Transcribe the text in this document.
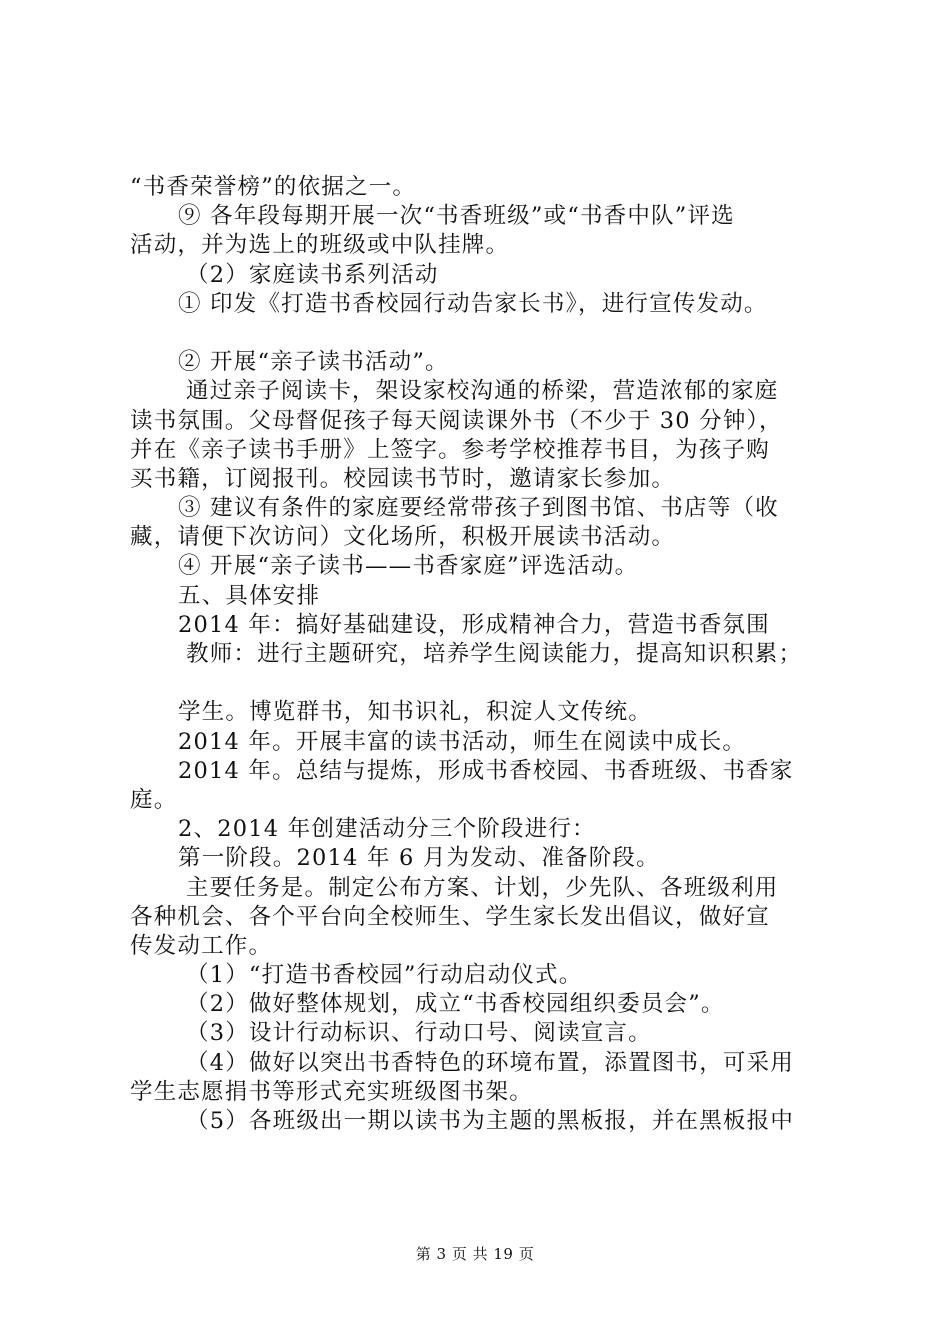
“书香荣誉榜”的依据之一。
⑨ 各年段每期开展一次“书香班级”或“书香中队”评选
活动，并为选上的班级或中队挂牌。
（2）家庭读书系列活动
① 印发《打造书香校园行动告家长书》，进行宣传发动。
② 开展“亲子读书活动”。
通过亲子阅读卡，架设家校沟通的桥梁，营造浓郁的家庭
读书氛围。父母督促孩子每天阅读课外书（不少于 30 分钟），
并在《亲子读书手册》上签字。参考学校推荐书目，为孩子购
买书籍，订阅报刊。校园读书节时，邀请家长参加。
③ 建议有条件的家庭要经常带孩子到图书馆、书店等（收
藏，请便下次访问）文化场所，积极开展读书活动。
④ 开展“亲子读书——书香家庭”评选活动。
五、具体安排
2014 年：搞好基础建设，形成精神合力，营造书香氛围
教师：进行主题研究，培养学生阅读能力，提高知识积累；
学生。博览群书，知书识礼，积淀人文传统。
2014 年。开展丰富的读书活动，师生在阅读中成长。
2014 年。总结与提炼，形成书香校园、书香班级、书香家
庭。
2、2014 年创建活动分三个阶段进行：
第一阶段。2014 年 6 月为发动、准备阶段。
主要任务是。制定公布方案、计划，少先队、各班级利用
各种机会、各个平台向全校师生、学生家长发出倡议，做好宣
传发动工作。
（1）“打造书香校园”行动启动仪式。
（2）做好整体规划，成立“书香校园组织委员会”。
（3）设计行动标识、行动口号、阅读宣言。
（4）做好以突出书香特色的环境布置，添置图书，可采用
学生志愿捐书等形式充实班级图书架。
（5）各班级出一期以读书为主题的黑板报，并在黑板报中
第 3 页 共 19 页
